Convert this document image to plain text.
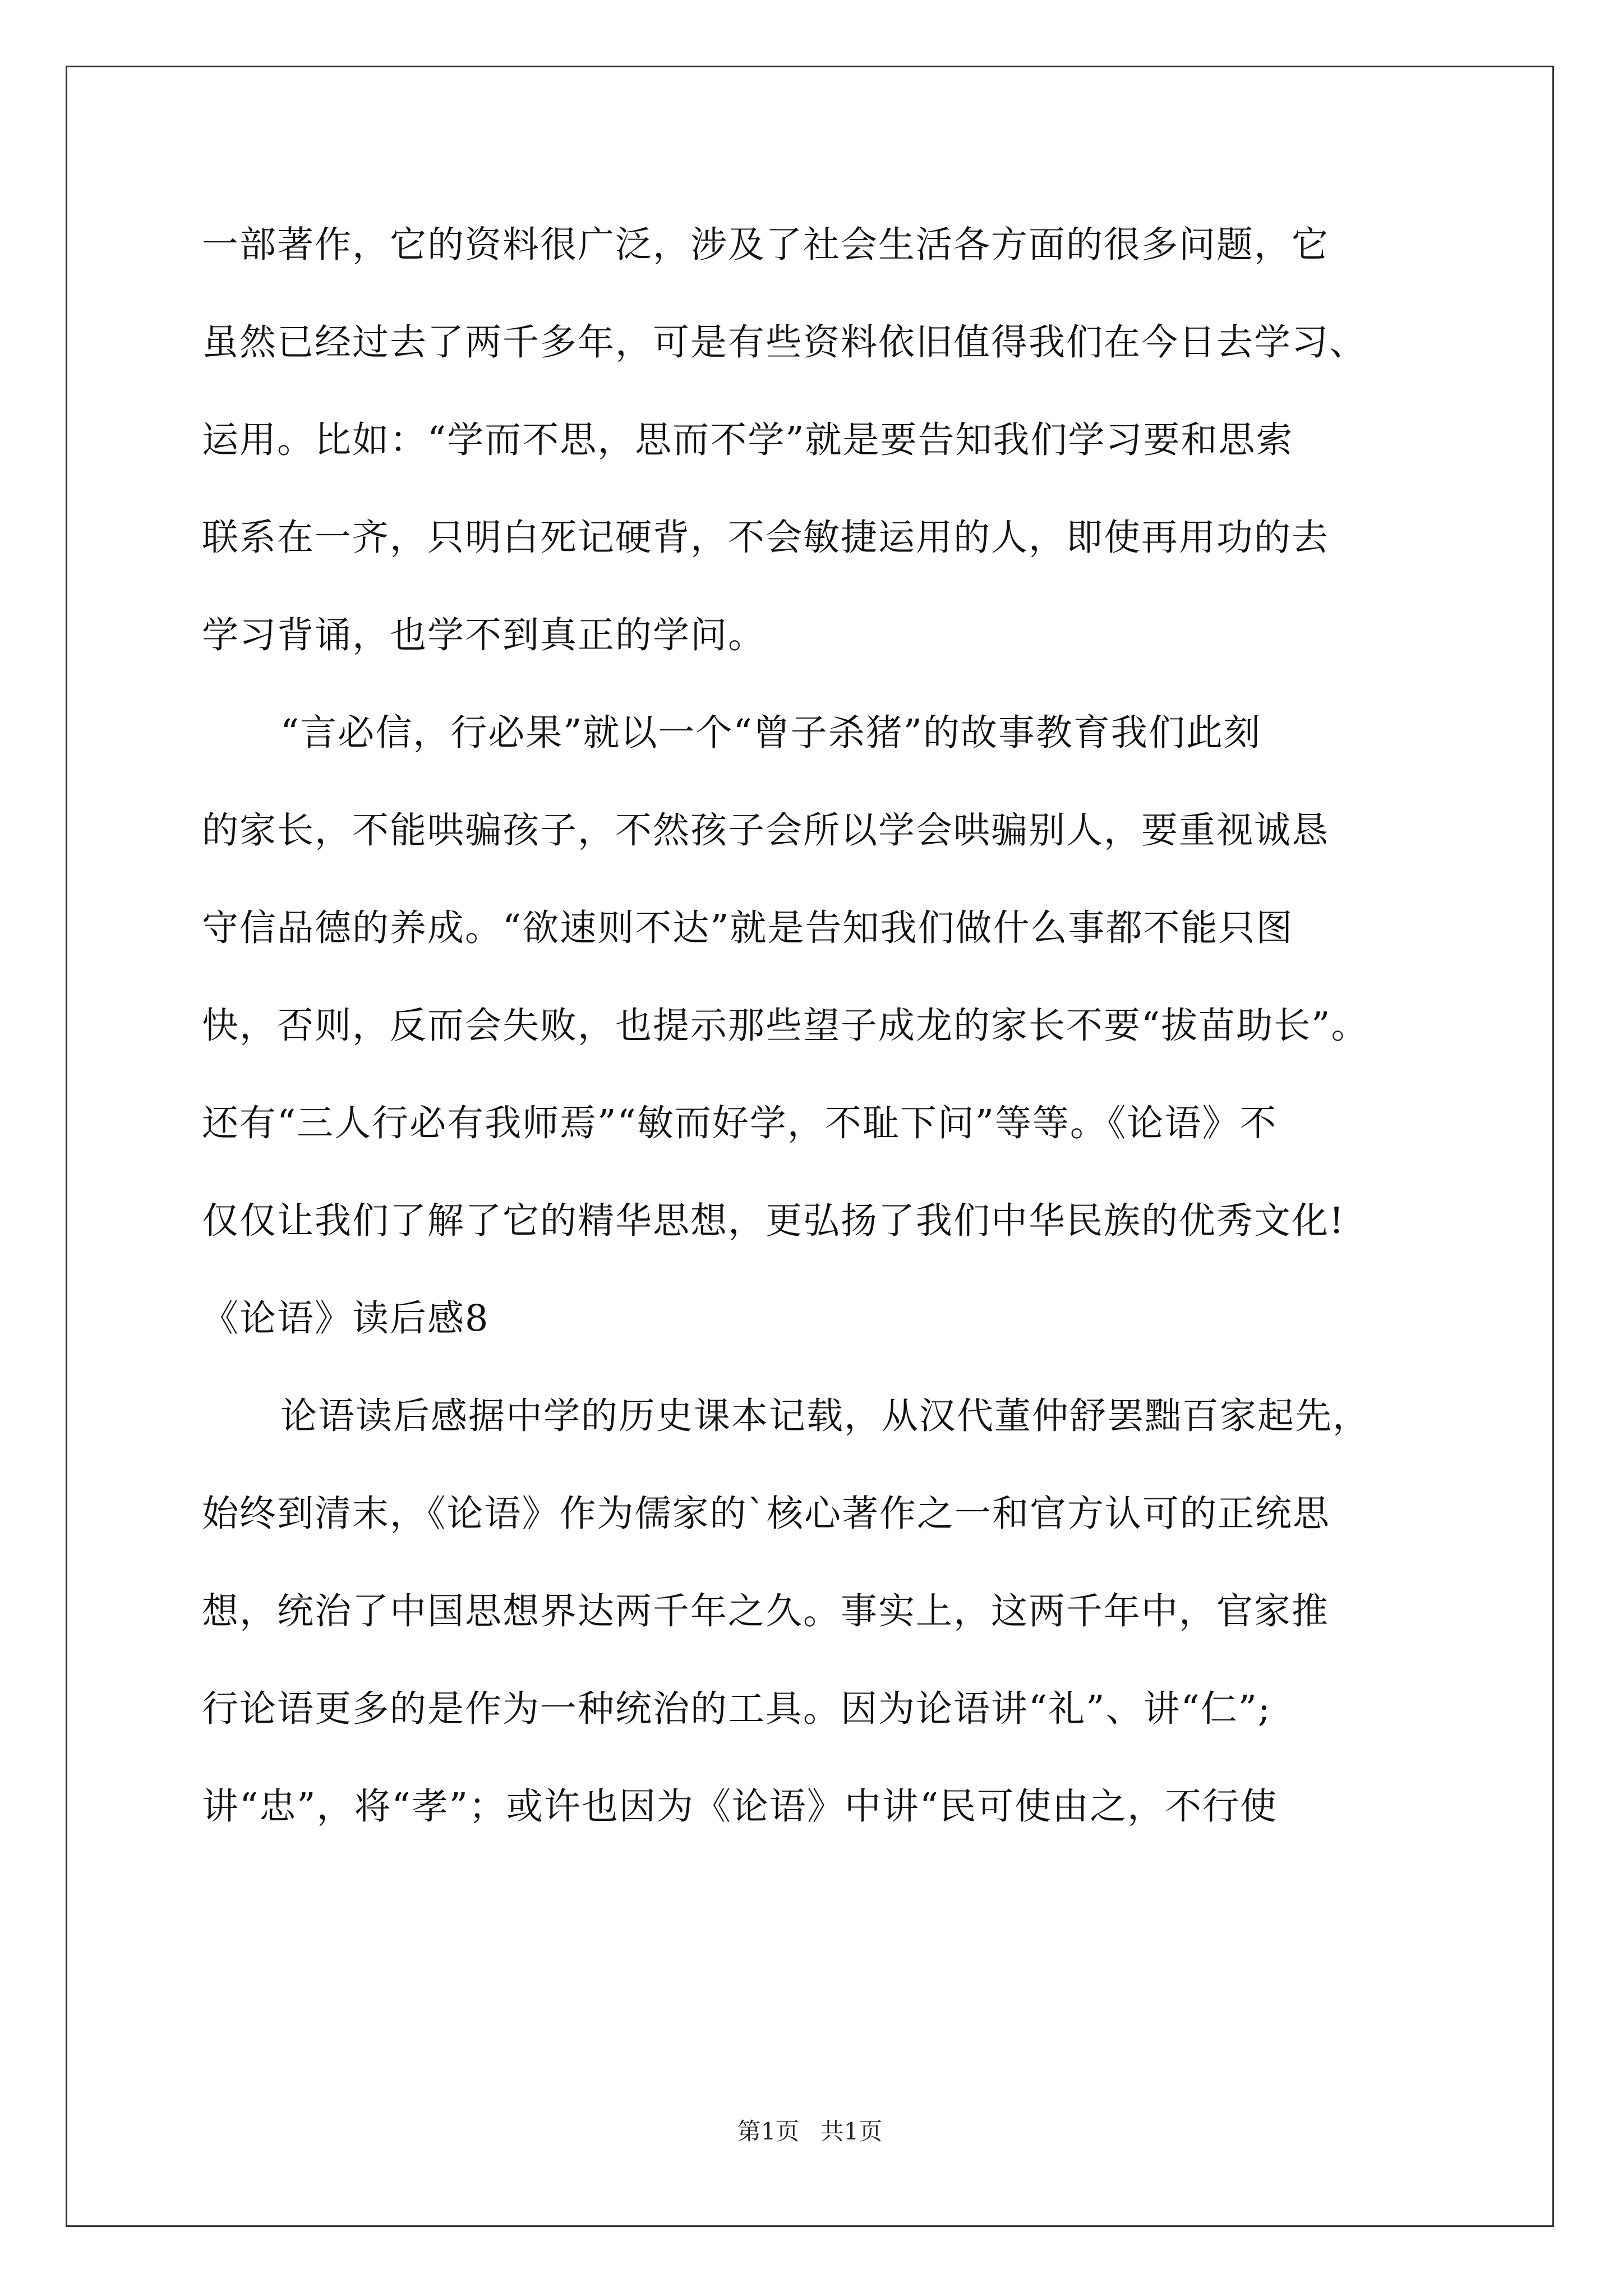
一部著作，它的资料很广泛，涉及了社会生活各方面的很多问题，它
虽然已经过去了两千多年，可是有些资料依旧值得我们在今日去学习、
运用。比如：“学而不思，思而不学”就是要告知我们学习要和思索
联系在一齐，只明白死记硬背，不会敏捷运用的人，即使再用功的去
学习背诵，也学不到真正的学问。
“言必信，行必果”就以一个“曾子杀猪”的故事教育我们此刻
的家长，不能哄骗孩子，不然孩子会所以学会哄骗别人，要重视诚恳
守信品德的养成。“欲速则不达”就是告知我们做什么事都不能只图
快，否则，反而会失败，也提示那些望子成龙的家长不要“拔苗助长”。
还有“三人行必有我师焉”“敏而好学，不耻下问”等等。《论语》不
仅仅让我们了解了它的精华思想，更弘扬了我们中华民族的优秀文化!
《论语》读后感8
论语读后感据中学的历史课本记载，从汉代董仲舒罢黜百家起先，
始终到清末，《论语》作为儒家的`核心著作之一和官方认可的正统思
想，统治了中国思想界达两千年之久。事实上，这两千年中，官家推
行论语更多的是作为一种统治的工具。因为论语讲“礼”、讲“仁”;
讲“忠”，将“孝”；或许也因为《论语》中讲“民可使由之，不行使
第1页 共1页
